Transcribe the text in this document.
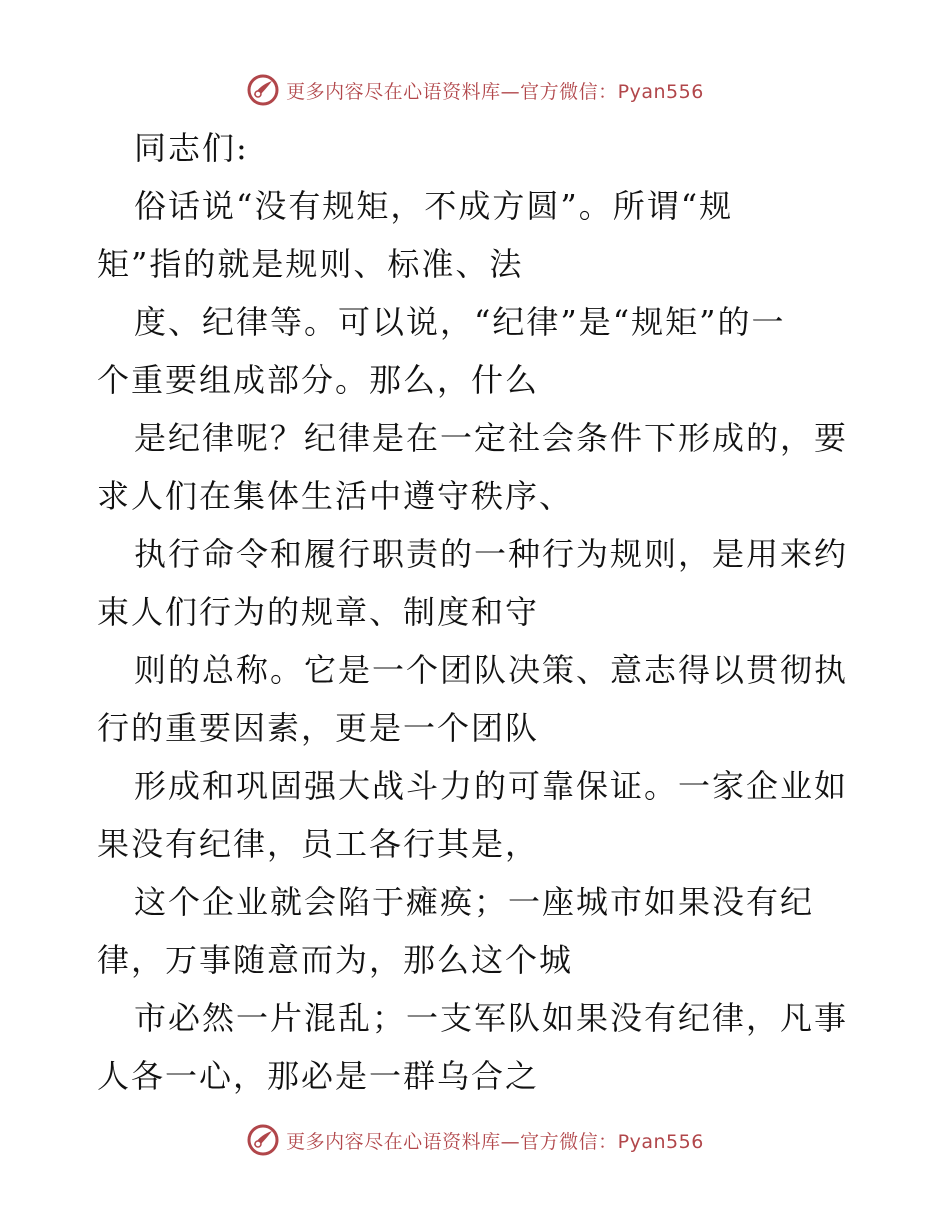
更多内容尽在心语资料库—官方微信：Pyan556
同志们:
俗话说“没有规矩，不成方圆”。所谓“规
矩”指的就是规则、标准、法
度、纪律等。可以说，“纪律”是“规矩”的一
个重要组成部分。那么，什么
是纪律呢？纪律是在一定社会条件下形成的，要
求人们在集体生活中遵守秩序、
执行命令和履行职责的一种行为规则，是用来约
束人们行为的规章、制度和守
则的总称。它是一个团队决策、意志得以贯彻执
行的重要因素，更是一个团队
形成和巩固强大战斗力的可靠保证。一家企业如
果没有纪律，员工各行其是，
这个企业就会陷于瘫痪；一座城市如果没有纪
律，万事随意而为，那么这个城
市必然一片混乱；一支军队如果没有纪律，凡事
人各一心，那必是一群乌合之
更多内容尽在心语资料库—官方微信：Pyan556
